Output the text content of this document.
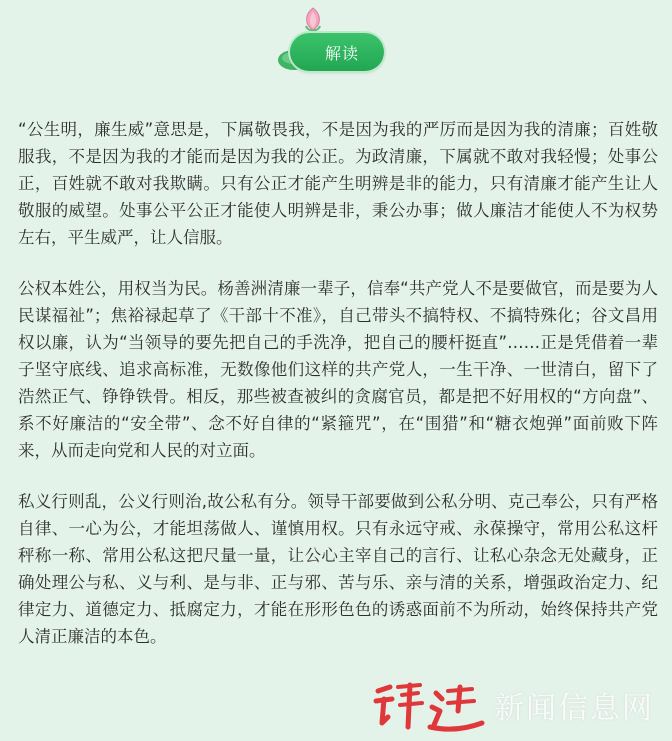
解读

“公生明，廉生威”意思是，下属敬畏我，不是因为我的严厉而是因为我的清廉；百姓敬服我，不是因为我的才能而是因为我的公正。为政清廉，下属就不敢对我轻慢；处事公正，百姓就不敢对我欺瞒。只有公正才能产生明辨是非的能力，只有清廉才能产生让人敬服的威望。处事公平公正才能使人明辨是非，秉公办事；做人廉洁才能使人不为权势左右，平生威严，让人信服。

公权本姓公，用权当为民。杨善洲清廉一辈子，信奉“共产党人不是要做官，而是要为人民谋福祉”；焦裕禄起草了《干部十不准》，自己带头不搞特权、不搞特殊化；谷文昌用权以廉，认为“当领导的要先把自己的手洗净，把自己的腰杆挺直”……正是凭借着一辈子坚守底线、追求高标准，无数像他们这样的共产党人，一生干净、一世清白，留下了浩然正气、铮铮铁骨。相反，那些被查被纠的贪腐官员，都是把不好用权的“方向盘”、系不好廉洁的“安全带”、念不好自律的“紧箍咒”，在“围猎”和“糖衣炮弹”面前败下阵来，从而走向党和人民的对立面。

私义行则乱，公义行则治,故公私有分。领导干部要做到公私分明、克己奉公，只有严格自律、一心为公，才能坦荡做人、谨慎用权。只有永远守戒、永葆操守，常用公私这杆秤称一称、常用公私这把尺量一量，让公心主宰自己的言行、让私心杂念无处藏身，正确处理公与私、义与利、是与非、正与邪、苦与乐、亲与清的关系，增强政治定力、纪律定力、道德定力、抵腐定力，才能在形形色色的诱惑面前不为所动，始终保持共产党人清正廉洁的本色。

新闻信息网
